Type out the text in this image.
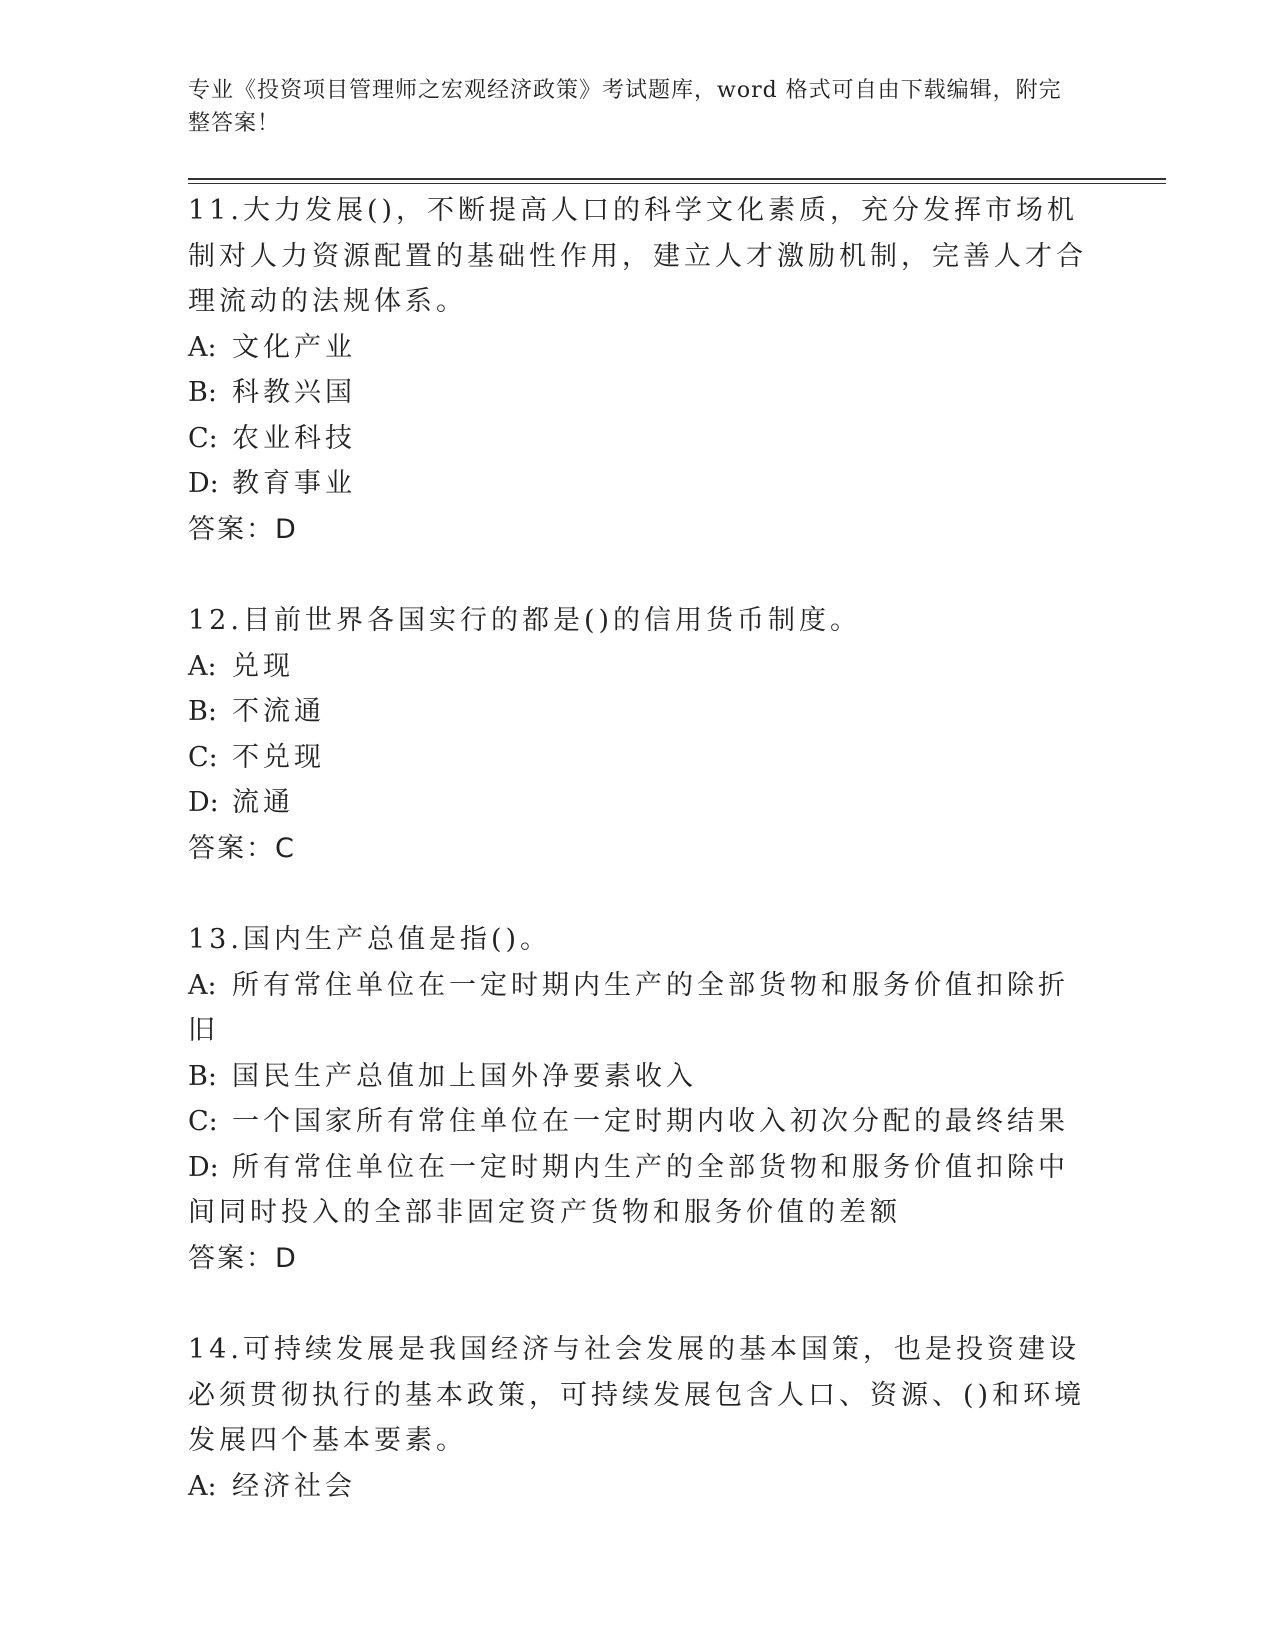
专业《投资项目管理师之宏观经济政策》考试题库，word 格式可自由下载编辑，附完整答案！

11.大力发展()，不断提高人口的科学文化素质，充分发挥市场机制对人力资源配置的基础性作用，建立人才激励机制，完善人才合理流动的法规体系。

A: 文化产业

B: 科教兴国

C: 农业科技

D: 教育事业

答案：D

12.目前世界各国实行的都是()的信用货币制度。

A: 兑现

B: 不流通

C: 不兑现

D: 流通

答案：C

13.国内生产总值是指()。

A: 所有常住单位在一定时期内生产的全部货物和服务价值扣除折旧

B: 国民生产总值加上国外净要素收入

C: 一个国家所有常住单位在一定时期内收入初次分配的最终结果

D: 所有常住单位在一定时期内生产的全部货物和服务价值扣除中间同时投入的全部非固定资产货物和服务价值的差额

答案：D

14.可持续发展是我国经济与社会发展的基本国策，也是投资建设必须贯彻执行的基本政策，可持续发展包含人口、资源、()和环境发展四个基本要素。

A: 经济社会
